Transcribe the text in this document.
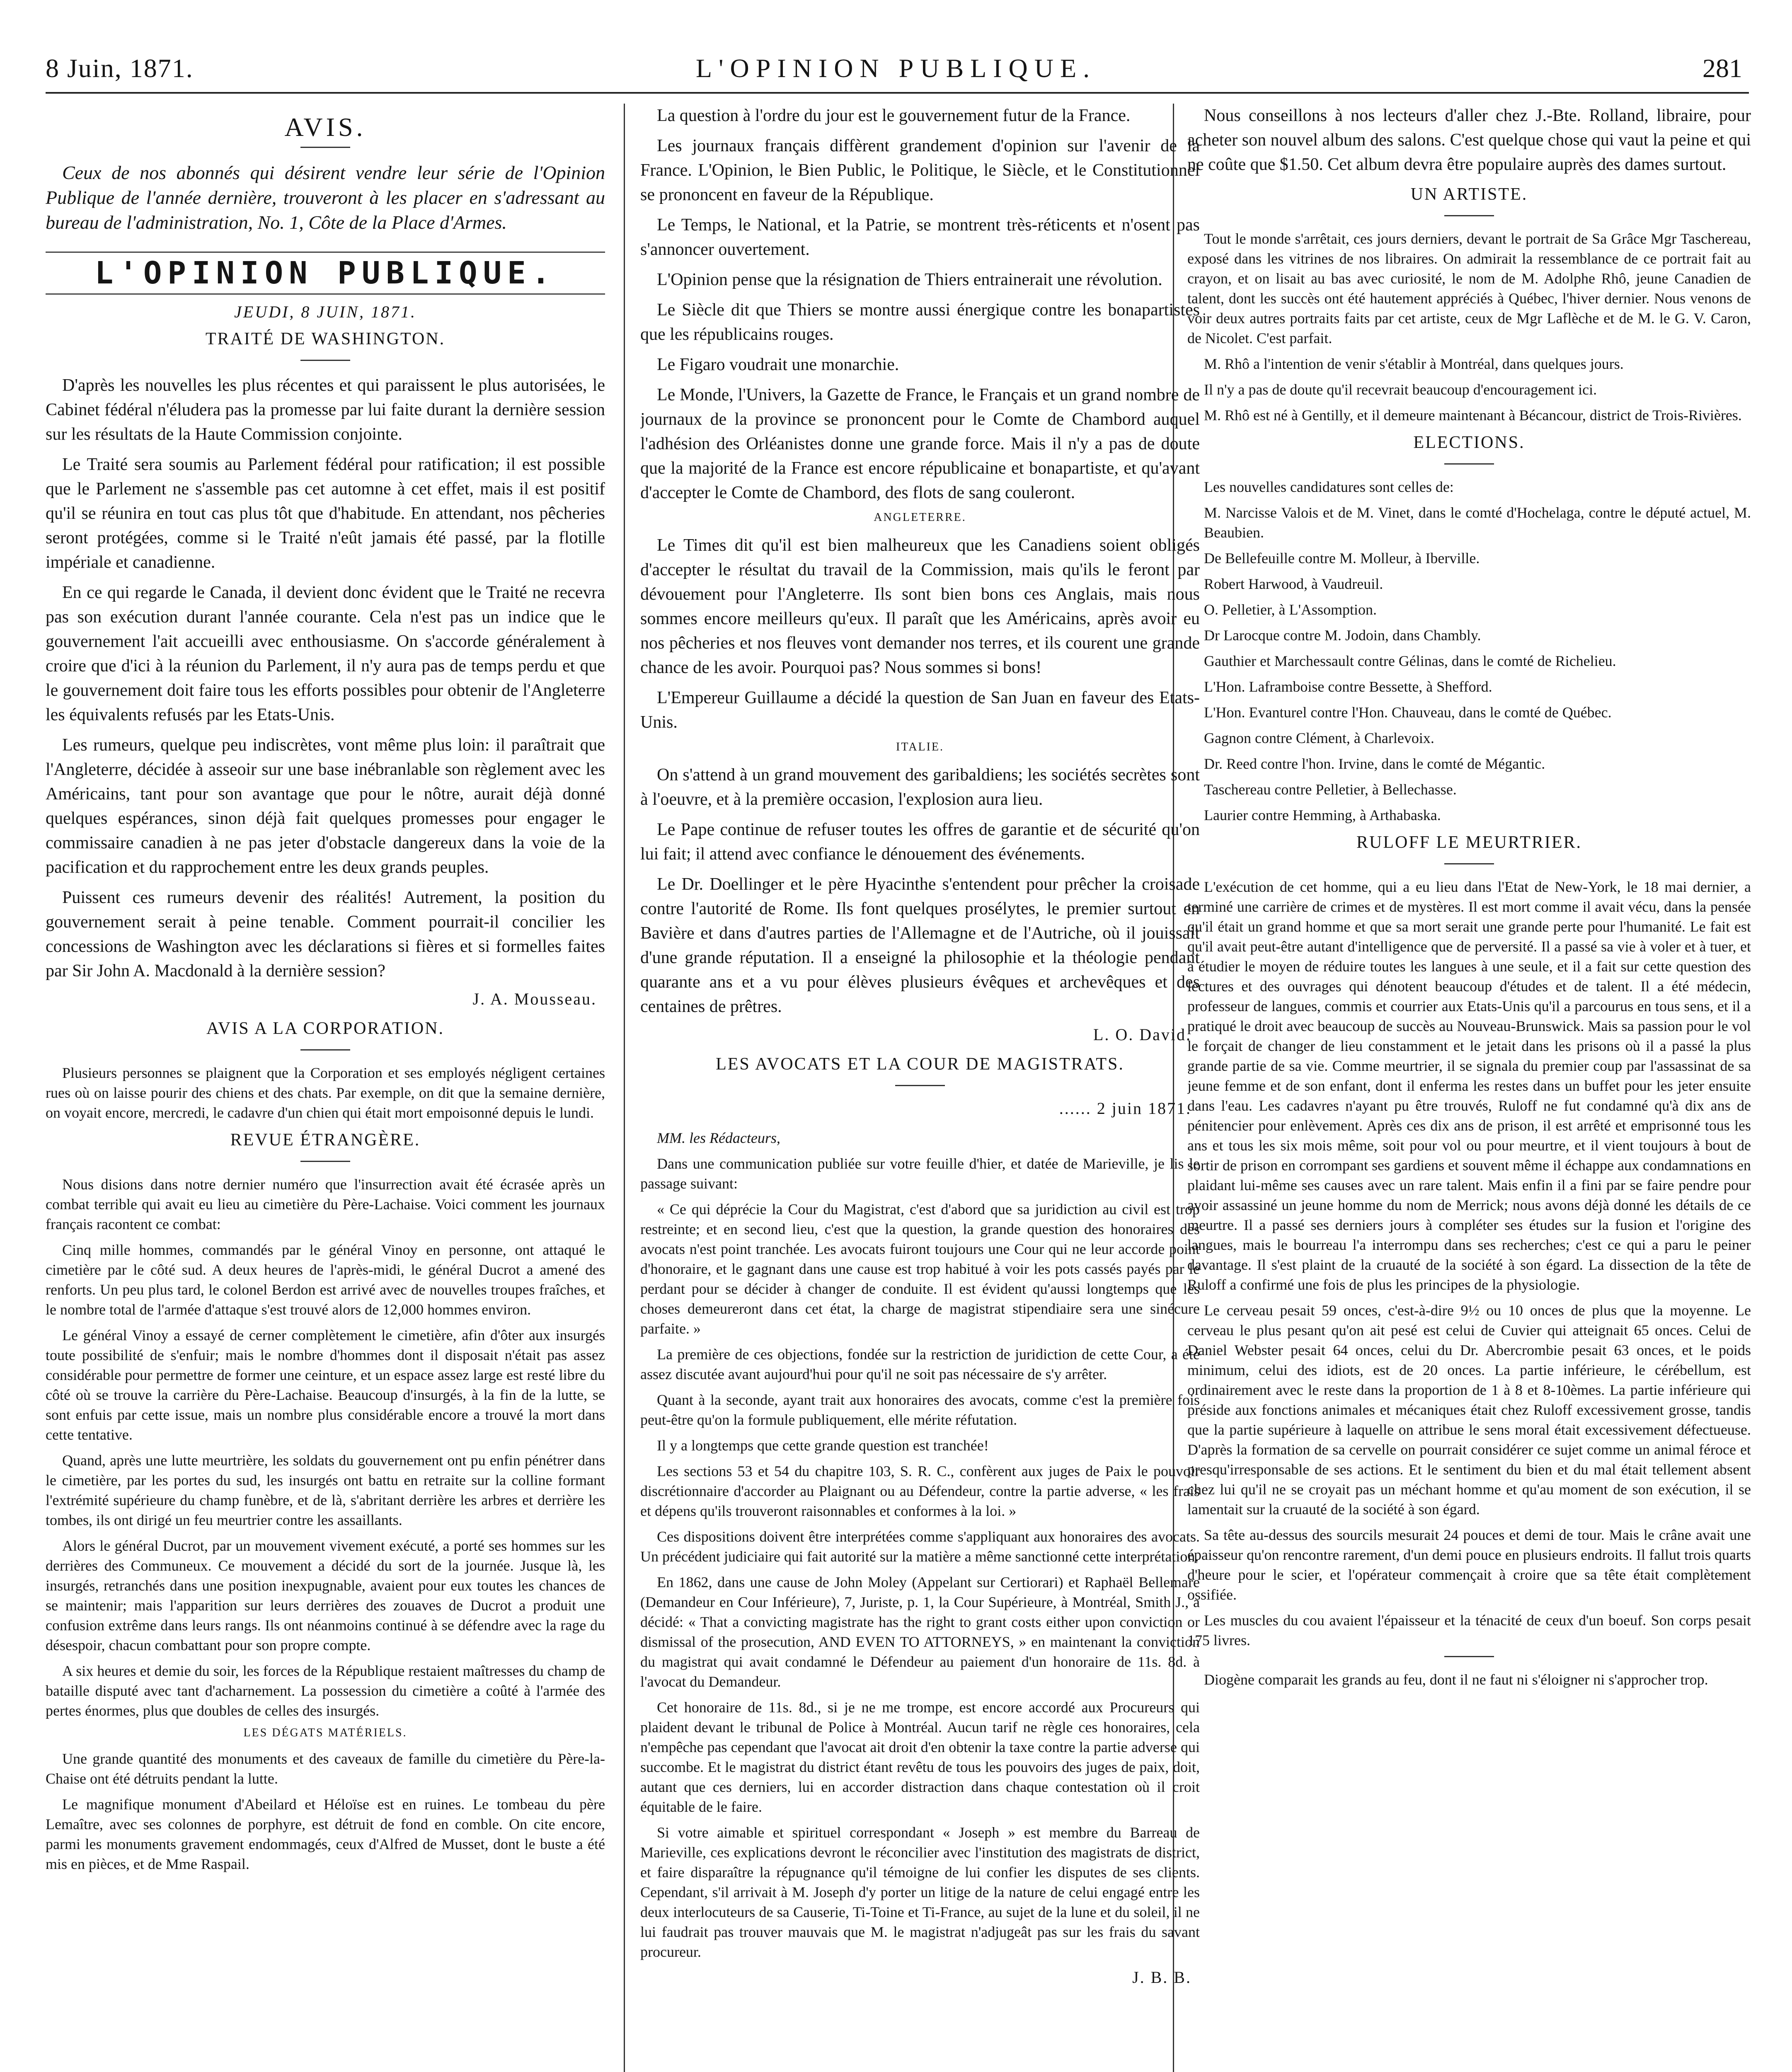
8 Juin, 1871.	L'OPINION PUBLIQUE.	281
AVIS.
Ceux de nos abonnés qui désirent vendre leur série de l'Opinion Publique de l'année dernière, trouveront à les placer en s'adressant au bureau de l'administration, No. 1, Côte de la Place d'Armes.
L'OPINION PUBLIQUE.
JEUDI, 8 JUIN, 1871.
TRAITÉ DE WASHINGTON.

D'après les nouvelles les plus récentes et qui paraissent le plus autorisées, le Cabinet fédéral n'éludera pas la promesse par lui faite durant la dernière session sur les résultats de la Haute Commission conjointe.

Le Traité sera soumis au Parlement fédéral pour ratification; il est possible que le Parlement ne s'assemble pas cet automne à cet effet, mais il est positif qu'il se réunira en tout cas plus tôt que d'habitude. En attendant, nos pêcheries seront protégées, comme si le Traité n'eût jamais été passé, par la flotille impériale et canadienne.

En ce qui regarde le Canada, il devient donc évident que le Traité ne recevra pas son exécution durant l'année courante. Cela n'est pas un indice que le gouvernement l'ait accueilli avec enthousiasme. On s'accorde généralement à croire que d'ici à la réunion du Parlement, il n'y aura pas de temps perdu et que le gouvernement doit faire tous les efforts possibles pour obtenir de l'Angleterre les équivalents refusés par les Etats-Unis.

Les rumeurs, quelque peu indiscrètes, vont même plus loin: il paraîtrait que l'Angleterre, décidée à asseoir sur une base inébranlable son règlement avec les Américains, tant pour son avantage que pour le nôtre, aurait déjà donné quelques espérances, sinon déjà fait quelques promesses pour engager le commissaire canadien à ne pas jeter d'obstacle dangereux dans la voie de la pacification et du rapprochement entre les deux grands peuples.

Puissent ces rumeurs devenir des réalités! Autrement, la position du gouvernement serait à peine tenable. Comment pourrait-il concilier les concessions de Washington avec les déclarations si fières et si formelles faites par Sir John A. Macdonald à la dernière session?

J. A. Mousseau.
AVIS A LA CORPORATION.

Plusieurs personnes se plaignent que la Corporation et ses employés négligent certaines rues où on laisse pourir des chiens et des chats. Par exemple, on dit que la semaine dernière, on voyait encore, mercredi, le cadavre d'un chien qui était mort empoisonné depuis le lundi.

REVUE ÉTRANGÈRE.

Nous disions dans notre dernier numéro que l'insurrection avait été écrasée après un combat terrible qui avait eu lieu au cimetière du Père-Lachaise. Voici comment les journaux français racontent ce combat:

Cinq mille hommes, commandés par le général Vinoy en personne, ont attaqué le cimetière par le côté sud. A deux heures de l'après-midi, le général Ducrot a amené des renforts. Un peu plus tard, le colonel Berdon est arrivé avec de nouvelles troupes fraîches, et le nombre total de l'armée d'attaque s'est trouvé alors de 12,000 hommes environ.

Le général Vinoy a essayé de cerner complètement le cimetière, afin d'ôter aux insurgés toute possibilité de s'enfuir; mais le nombre d'hommes dont il disposait n'était pas assez considérable pour permettre de former une ceinture, et un espace assez large est resté libre du côté où se trouve la carrière du Père-Lachaise. Beaucoup d'insurgés, à la fin de la lutte, se sont enfuis par cette issue, mais un nombre plus considérable encore a trouvé la mort dans cette tentative.

Quand, après une lutte meurtrière, les soldats du gouvernement ont pu enfin pénétrer dans le cimetière, par les portes du sud, les insurgés ont battu en retraite sur la colline formant l'extrémité supérieure du champ funèbre, et de là, s'abritant derrière les arbres et derrière les tombes, ils ont dirigé un feu meurtrier contre les assaillants.

Alors le général Ducrot, par un mouvement vivement exécuté, a porté ses hommes sur les derrières des Communeux. Ce mouvement a décidé du sort de la journée. Jusque là, les insurgés, retranchés dans une position inexpugnable, avaient pour eux toutes les chances de se maintenir; mais l'apparition sur leurs derrières des zouaves de Ducrot a produit une confusion extrême dans leurs rangs. Ils ont néanmoins continué à se défendre avec la rage du désespoir, chacun combattant pour son propre compte.

A six heures et demie du soir, les forces de la République restaient maîtresses du champ de bataille disputé avec tant d'acharnement. La possession du cimetière a coûté à l'armée des pertes énormes, plus que doubles de celles des insurgés.

LES DÉGATS MATÉRIELS.

Une grande quantité des monuments et des caveaux de famille du cimetière du Père-la-Chaise ont été détruits pendant la lutte.

Le magnifique monument d'Abeilard et Héloïse est en ruines. Le tombeau du père Lemaître, avec ses colonnes de porphyre, est détruit de fond en comble. On cite encore, parmi les monuments gravement endommagés, ceux d'Alfred de Musset, dont le buste a été mis en pièces, et de Mme Raspail.

La question à l'ordre du jour est le gouvernement futur de la France.

Les journaux français diffèrent grandement d'opinion sur l'avenir de la France. L'Opinion, le Bien Public, le Politique, le Siècle, et le Constitutionnel se prononcent en faveur de la République.

Le Temps, le National, et la Patrie, se montrent très-réticents et n'osent pas s'annoncer ouvertement.

L'Opinion pense que la résignation de Thiers entrainerait une révolution.

Le Siècle dit que Thiers se montre aussi énergique contre les bonapartistes que les républicains rouges.

Le Figaro voudrait une monarchie.

Le Monde, l'Univers, la Gazette de France, le Français et un grand nombre de journaux de la province se prononcent pour le Comte de Chambord auquel l'adhésion des Orléanistes donne une grande force. Mais il n'y a pas de doute que la majorité de la France est encore républicaine et bonapartiste, et qu'avant d'accepter le Comte de Chambord, des flots de sang couleront.

ANGLETERRE.

Le Times dit qu'il est bien malheureux que les Canadiens soient obligés d'accepter le résultat du travail de la Commission, mais qu'ils le feront par dévouement pour l'Angleterre. Ils sont bien bons ces Anglais, mais nous sommes encore meilleurs qu'eux. Il paraît que les Américains, après avoir eu nos pêcheries et nos fleuves vont demander nos terres, et ils courent une grande chance de les avoir. Pourquoi pas? Nous sommes si bons!

L'Empereur Guillaume a décidé la question de San Juan en faveur des Etats-Unis.

ITALIE.

On s'attend à un grand mouvement des garibaldiens; les sociétés secrètes sont à l'oeuvre, et à la première occasion, l'explosion aura lieu.

Le Pape continue de refuser toutes les offres de garantie et de sécurité qu'on lui fait; il attend avec confiance le dénouement des événements.

Le Dr. Doellinger et le père Hyacinthe s'entendent pour prêcher la croisade contre l'autorité de Rome. Ils font quelques prosélytes, le premier surtout en Bavière et dans d'autres parties de l'Allemagne et de l'Autriche, où il jouissait d'une grande réputation. Il a enseigné la philosophie et la théologie pendant quarante ans et a vu pour élèves plusieurs évêques et archevêques et des centaines de prêtres.

L. O. David.
LES AVOCATS ET LA COUR DE MAGISTRATS.
...... 2 juin 1871.

MM. les Rédacteurs,

Dans une communication publiée sur votre feuille d'hier, et datée de Marieville, je lis le passage suivant:

« Ce qui déprécie la Cour du Magistrat, c'est d'abord que sa juridiction au civil est trop restreinte; et en second lieu, c'est que la question, la grande question des honoraires des avocats n'est point tranchée. Les avocats fuiront toujours une Cour qui ne leur accorde point d'honoraire, et le gagnant dans une cause est trop habitué à voir les pots cassés payés par le perdant pour se décider à changer de conduite. Il est évident qu'aussi longtemps que les choses demeureront dans cet état, la charge de magistrat stipendiaire sera une sinécure parfaite. »

La première de ces objections, fondée sur la restriction de juridiction de cette Cour, a été assez discutée avant aujourd'hui pour qu'il ne soit pas nécessaire de s'y arrêter.

Quant à la seconde, ayant trait aux honoraires des avocats, comme c'est la première fois peut-être qu'on la formule publiquement, elle mérite réfutation.

Il y a longtemps que cette grande question est tranchée!

Les sections 53 et 54 du chapitre 103, S. R. C., confèrent aux juges de Paix le pouvoir discrétionnaire d'accorder au Plaignant ou au Défendeur, contre la partie adverse, « les frais et dépens qu'ils trouveront raisonnables et conformes à la loi. »

Ces dispositions doivent être interprétées comme s'appliquant aux honoraires des avocats. Un précédent judiciaire qui fait autorité sur la matière a même sanctionné cette interprétation.

En 1862, dans une cause de John Moley (Appelant sur Certiorari) et Raphaël Bellemare (Demandeur en Cour Inférieure), 7, Juriste, p. 1, la Cour Supérieure, à Montréal, Smith J., a décidé: « That a convicting magistrate has the right to grant costs either upon conviction or dismissal of the prosecution, AND EVEN TO ATTORNEYS, » en maintenant la conviction du magistrat qui avait condamné le Défendeur au paiement d'un honoraire de 11s. 8d. à l'avocat du Demandeur.

Cet honoraire de 11s. 8d., si je ne me trompe, est encore accordé aux Procureurs qui plaident devant le tribunal de Police à Montréal. Aucun tarif ne règle ces honoraires, cela n'empêche pas cependant que l'avocat ait droit d'en obtenir la taxe contre la partie adverse qui succombe. Et le magistrat du district étant revêtu de tous les pouvoirs des juges de paix, doit, autant que ces derniers, lui en accorder distraction dans chaque contestation où il croit équitable de le faire.

Si votre aimable et spirituel correspondant « Joseph » est membre du Barreau de Marieville, ces explications devront le réconcilier avec l'institution des magistrats de district, et faire disparaître la répugnance qu'il témoigne de lui confier les disputes de ses clients. Cependant, s'il arrivait à M. Joseph d'y porter un litige de la nature de celui engagé entre les deux interlocuteurs de sa Causerie, Ti-Toine et Ti-France, au sujet de la lune et du soleil, il ne lui faudrait pas trouver mauvais que M. le magistrat n'adjugeât pas sur les frais du savant procureur.

J. B. B.

Nous conseillons à nos lecteurs d'aller chez J.-Bte. Rolland, libraire, pour acheter son nouvel album des salons. C'est quelque chose qui vaut la peine et qui ne coûte que $1.50. Cet album devra être populaire auprès des dames surtout.

UN ARTISTE.

Tout le monde s'arrêtait, ces jours derniers, devant le portrait de Sa Grâce Mgr Taschereau, exposé dans les vitrines de nos libraires. On admirait la ressemblance de ce portrait fait au crayon, et on lisait au bas avec curiosité, le nom de M. Adolphe Rhô, jeune Canadien de talent, dont les succès ont été hautement appréciés à Québec, l'hiver dernier. Nous venons de voir deux autres portraits faits par cet artiste, ceux de Mgr Laflèche et de M. le G. V. Caron, de Nicolet. C'est parfait.

M. Rhô a l'intention de venir s'établir à Montréal, dans quelques jours.

Il n'y a pas de doute qu'il recevrait beaucoup d'encouragement ici.

M. Rhô est né à Gentilly, et il demeure maintenant à Bécancour, district de Trois-Rivières.

ELECTIONS.

Les nouvelles candidatures sont celles de:

M. Narcisse Valois et de M. Vinet, dans le comté d'Hochelaga, contre le député actuel, M. Beaubien.

De Bellefeuille contre M. Molleur, à Iberville.

Robert Harwood, à Vaudreuil.

O. Pelletier, à L'Assomption.

Dr Larocque contre M. Jodoin, dans Chambly.

Gauthier et Marchessault contre Gélinas, dans le comté de Richelieu.

L'Hon. Laframboise contre Bessette, à Shefford.

L'Hon. Evanturel contre l'Hon. Chauveau, dans le comté de Québec.

Gagnon contre Clément, à Charlevoix.

Dr. Reed contre l'hon. Irvine, dans le comté de Mégantic.

Taschereau contre Pelletier, à Bellechasse.

Laurier contre Hemming, à Arthabaska.

RULOFF LE MEURTRIER.

L'exécution de cet homme, qui a eu lieu dans l'Etat de New-York, le 18 mai dernier, a terminé une carrière de crimes et de mystères. Il est mort comme il avait vécu, dans la pensée qu'il était un grand homme et que sa mort serait une grande perte pour l'humanité. Le fait est qu'il avait peut-être autant d'intelligence que de perversité. Il a passé sa vie à voler et à tuer, et à étudier le moyen de réduire toutes les langues à une seule, et il a fait sur cette question des lectures et des ouvrages qui dénotent beaucoup d'études et de talent. Il a été médecin, professeur de langues, commis et courrier aux Etats-Unis qu'il a parcourus en tous sens, et il a pratiqué le droit avec beaucoup de succès au Nouveau-Brunswick. Mais sa passion pour le vol le forçait de changer de lieu constamment et le jetait dans les prisons où il a passé la plus grande partie de sa vie. Comme meurtrier, il se signala du premier coup par l'assassinat de sa jeune femme et de son enfant, dont il enferma les restes dans un buffet pour les jeter ensuite dans l'eau. Les cadavres n'ayant pu être trouvés, Ruloff ne fut condamné qu'à dix ans de pénitencier pour enlèvement. Après ces dix ans de prison, il est arrêté et emprisonné tous les ans et tous les six mois même, soit pour vol ou pour meurtre, et il vient toujours à bout de sortir de prison en corrompant ses gardiens et souvent même il échappe aux condamnations en plaidant lui-même ses causes avec un rare talent. Mais enfin il a fini par se faire pendre pour avoir assassiné un jeune homme du nom de Merrick; nous avons déjà donné les détails de ce meurtre. Il a passé ses derniers jours à compléter ses études sur la fusion et l'origine des langues, mais le bourreau l'a interrompu dans ses recherches; c'est ce qui a paru le peiner davantage. Il s'est plaint de la cruauté de la société à son égard. La dissection de la tête de Ruloff a confirmé une fois de plus les principes de la physiologie.

Le cerveau pesait 59 onces, c'est-à-dire 9½ ou 10 onces de plus que la moyenne. Le cerveau le plus pesant qu'on ait pesé est celui de Cuvier qui atteignait 65 onces. Celui de Daniel Webster pesait 64 onces, celui du Dr. Abercrombie pesait 63 onces, et le poids minimum, celui des idiots, est de 20 onces. La partie inférieure, le cérébellum, est ordinairement avec le reste dans la proportion de 1 à 8 et 8-10èmes. La partie inférieure qui préside aux fonctions animales et mécaniques était chez Ruloff excessivement grosse, tandis que la partie supérieure à laquelle on attribue le sens moral était excessivement défectueuse. D'après la formation de sa cervelle on pourrait considérer ce sujet comme un animal féroce et presqu'irresponsable de ses actions. Et le sentiment du bien et du mal était tellement absent chez lui qu'il ne se croyait pas un méchant homme et qu'au moment de son exécution, il se lamentait sur la cruauté de la société à son égard.

Sa tête au-dessus des sourcils mesurait 24 pouces et demi de tour. Mais le crâne avait une épaisseur qu'on rencontre rarement, d'un demi pouce en plusieurs endroits. Il fallut trois quarts d'heure pour le scier, et l'opérateur commençait à croire que sa tête était complètement ossifiée.

Les muscles du cou avaient l'épaisseur et la ténacité de ceux d'un boeuf. Son corps pesait 175 livres.

Diogène comparait les grands au feu, dont il ne faut ni s'éloigner ni s'approcher trop.
